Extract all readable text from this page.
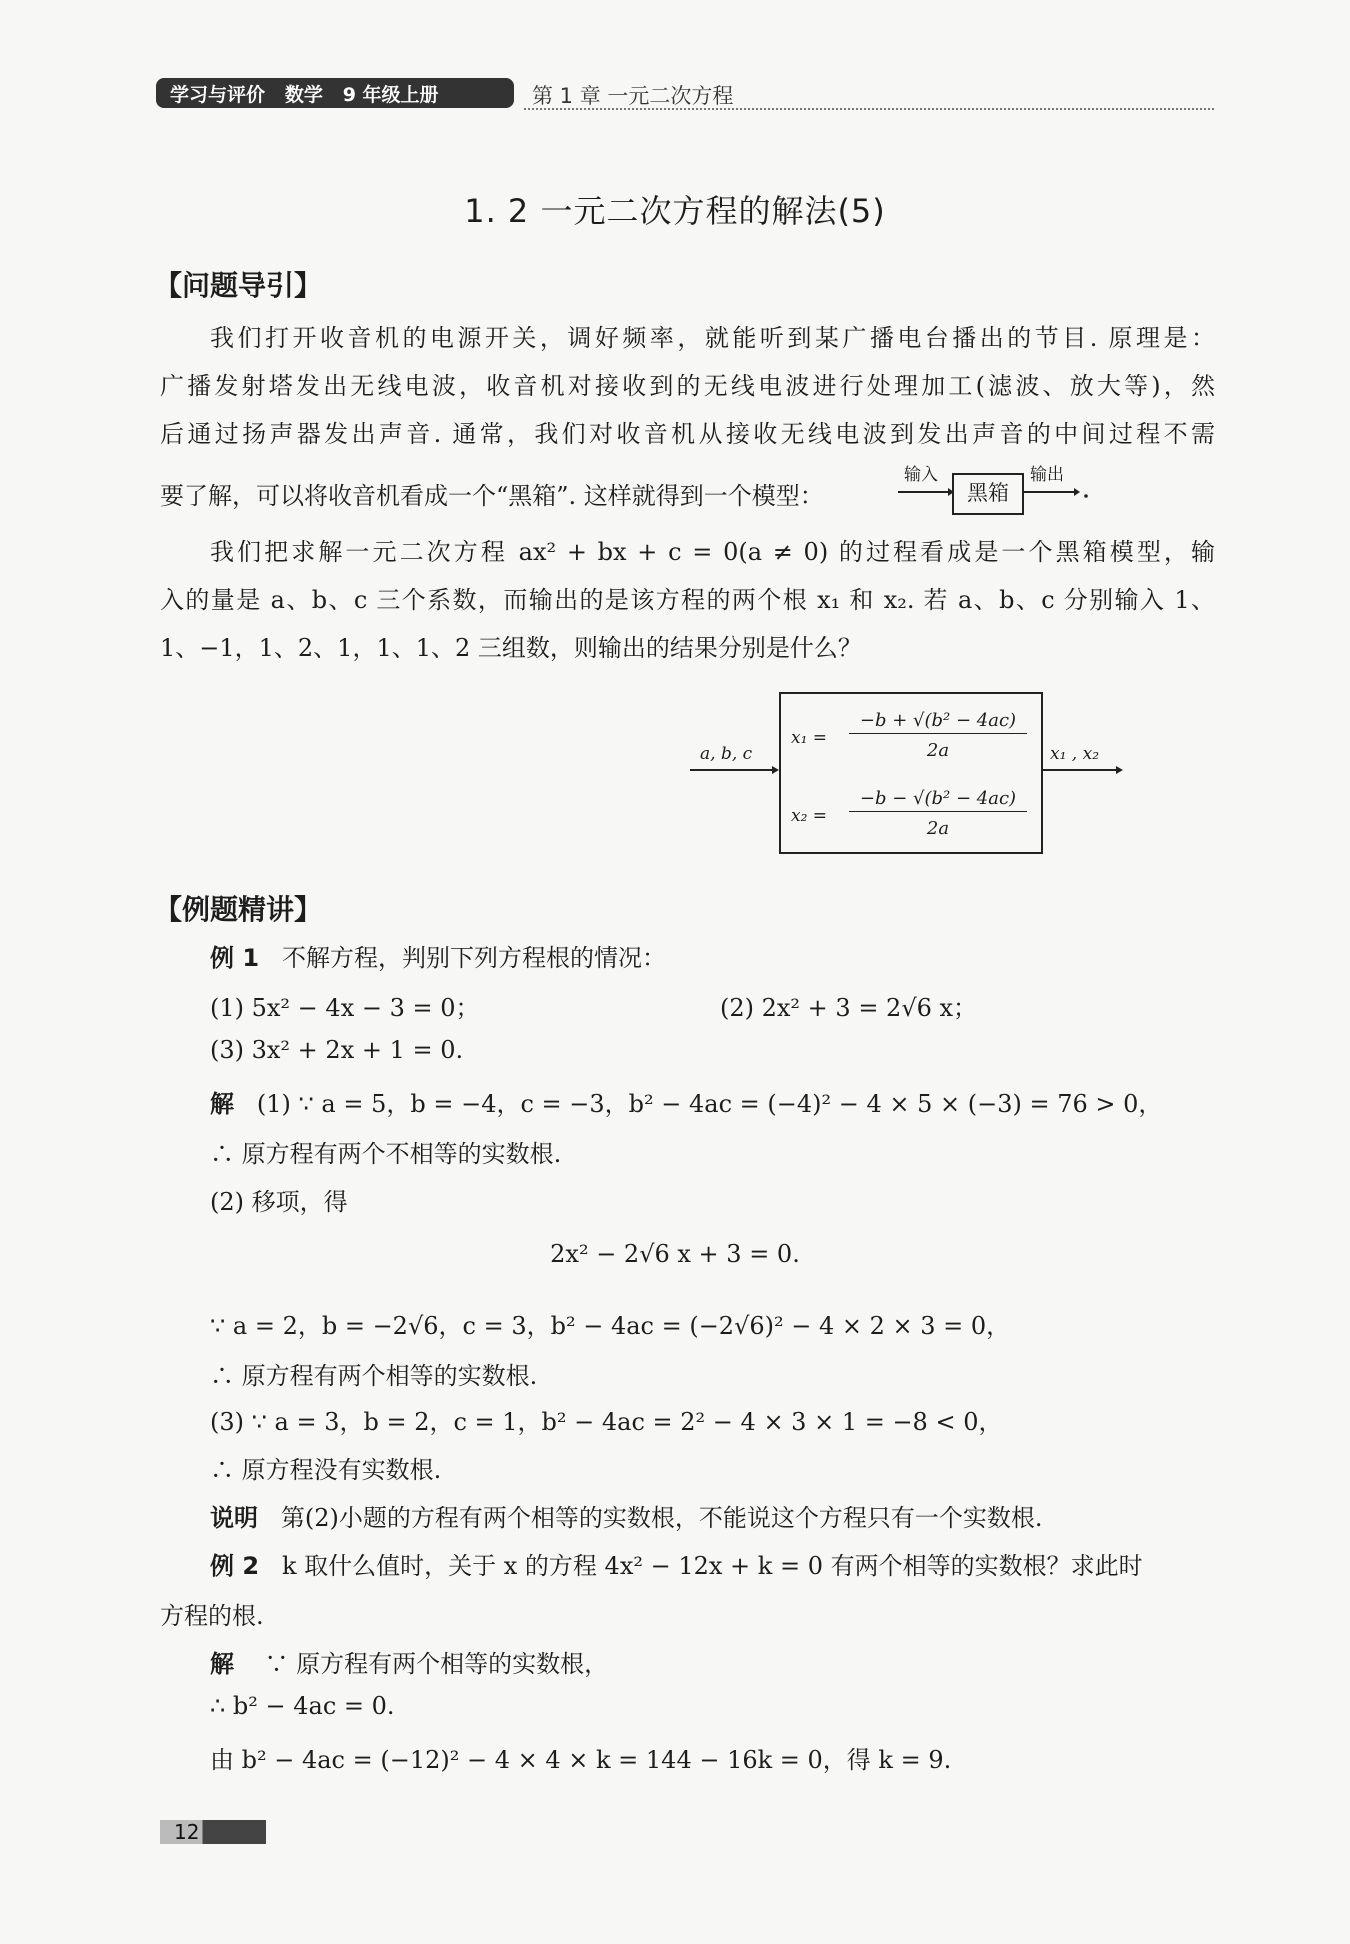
学习与评价   数学   9 年级上册	第 1 章 一元二次方程
1. 2 一元二次方程的解法(5)
【问题导引】
我们打开收音机的电源开关，调好频率，就能听到某广播电台播出的节目. 原理是：
广播发射塔发出无线电波，收音机对接收到的无线电波进行处理加工(滤波、放大等)，然
后通过扬声器发出声音. 通常，我们对收音机从接收无线电波到发出声音的中间过程不需
要了解，可以将收音机看成一个“黑箱”. 这样就得到一个模型：
输入
黑箱
输出
我们把求解一元二次方程 ax² + bx + c = 0(a ≠ 0) 的过程看成是一个黑箱模型，输
入的量是 a、b、c 三个系数，而输出的是该方程的两个根 x₁ 和 x₂. 若 a、b、c 分别输入 1、
1、−1，1、2、1，1、1、2 三组数，则输出的结果分别是什么？
a, b, c	x₁ , x₂
x₁ =
−b + √(b² − 4ac)
2a
x₂ =
−b − √(b² − 4ac)
2a
【例题精讲】
例 1 不解方程，判别下列方程根的情况：
(1) 5x² − 4x − 3 = 0；	(2) 2x² + 3 = 2√6 x；
(3) 3x² + 2x + 1 = 0.
解 (1) ∵ a = 5，b = −4，c = −3，b² − 4ac = (−4)² − 4 × 5 × (−3) = 76 > 0，
∴ 原方程有两个不相等的实数根.
(2) 移项，得
2x² − 2√6 x + 3 = 0.
∵ a = 2，b = −2√6，c = 3，b² − 4ac = (−2√6)² − 4 × 2 × 3 = 0，
∴ 原方程有两个相等的实数根.
(3) ∵ a = 3，b = 2，c = 1，b² − 4ac = 2² − 4 × 3 × 1 = −8 < 0，
∴ 原方程没有实数根.
说明 第(2)小题的方程有两个相等的实数根，不能说这个方程只有一个实数根.
例 2 k 取什么值时，关于 x 的方程 4x² − 12x + k = 0 有两个相等的实数根？求此时
方程的根.
解 ∵ 原方程有两个相等的实数根，
∴ b² − 4ac = 0.
由 b² − 4ac = (−12)² − 4 × 4 × k = 144 − 16k = 0，得 k = 9.
12
